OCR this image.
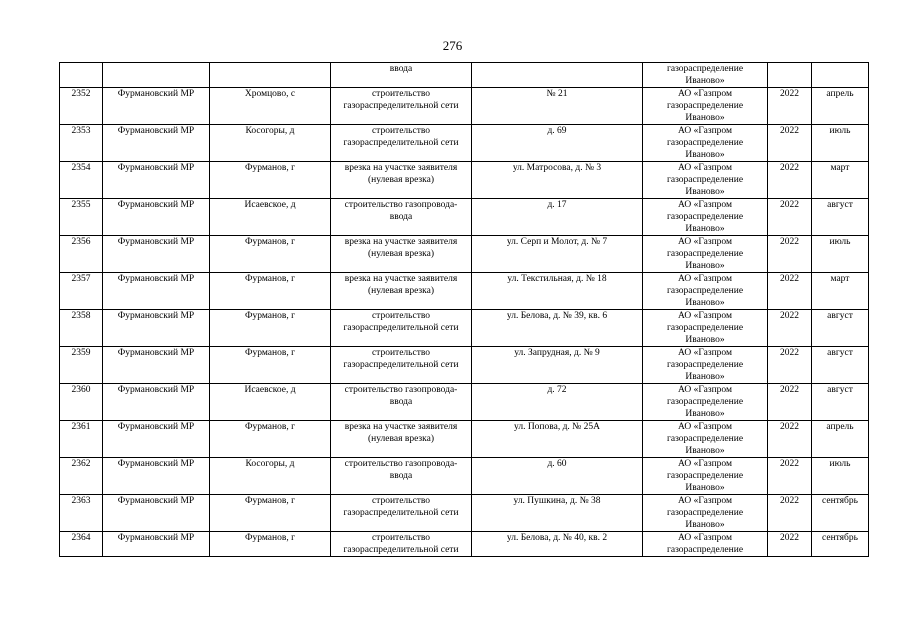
276

			ввода		газораспределение
Иваново»		

2352	Фурмановский МР	Хромцово, с	строительство
газораспределительной сети	№ 21	АО «Газпром
газораспределение
Иваново»	2022	апрель
2353	Фурмановский МР	Косогоры, д	строительство
газораспределительной сети	д. 69	АО «Газпром
газораспределение
Иваново»	2022	июль
2354	Фурмановский МР	Фурманов, г	врезка на участке заявителя
(нулевая врезка)	ул. Матросова, д. № 3	АО «Газпром
газораспределение
Иваново»	2022	март
2355	Фурмановский МР	Исаевское, д	строительство газопровода-
ввода	д. 17	АО «Газпром
газораспределение
Иваново»	2022	август
2356	Фурмановский МР	Фурманов, г	врезка на участке заявителя
(нулевая врезка)	ул. Серп и Молот, д. № 7	АО «Газпром
газораспределение
Иваново»	2022	июль
2357	Фурмановский МР	Фурманов, г	врезка на участке заявителя
(нулевая врезка)	ул. Текстильная, д. № 18	АО «Газпром
газораспределение
Иваново»	2022	март
2358	Фурмановский МР	Фурманов, г	строительство
газораспределительной сети	ул. Белова, д. № 39, кв. 6	АО «Газпром
газораспределение
Иваново»	2022	август
2359	Фурмановский МР	Фурманов, г	строительство
газораспределительной сети	ул. Запрудная, д. № 9	АО «Газпром
газораспределение
Иваново»	2022	август
2360	Фурмановский МР	Исаевское, д	строительство газопровода-
ввода	д. 72	АО «Газпром
газораспределение
Иваново»	2022	август
2361	Фурмановский МР	Фурманов, г	врезка на участке заявителя
(нулевая врезка)	ул. Попова, д. № 25А	АО «Газпром
газораспределение
Иваново»	2022	апрель
2362	Фурмановский МР	Косогоры, д	строительство газопровода-
ввода	д. 60	АО «Газпром
газораспределение
Иваново»	2022	июль
2363	Фурмановский МР	Фурманов, г	строительство
газораспределительной сети	ул. Пушкина, д. № 38	АО «Газпром
газораспределение
Иваново»	2022	сентябрь
2364	Фурмановский МР	Фурманов, г	строительство
газораспределительной сети	ул. Белова, д. № 40, кв. 2	АО «Газпром
газораспределение	2022	сентябрь
